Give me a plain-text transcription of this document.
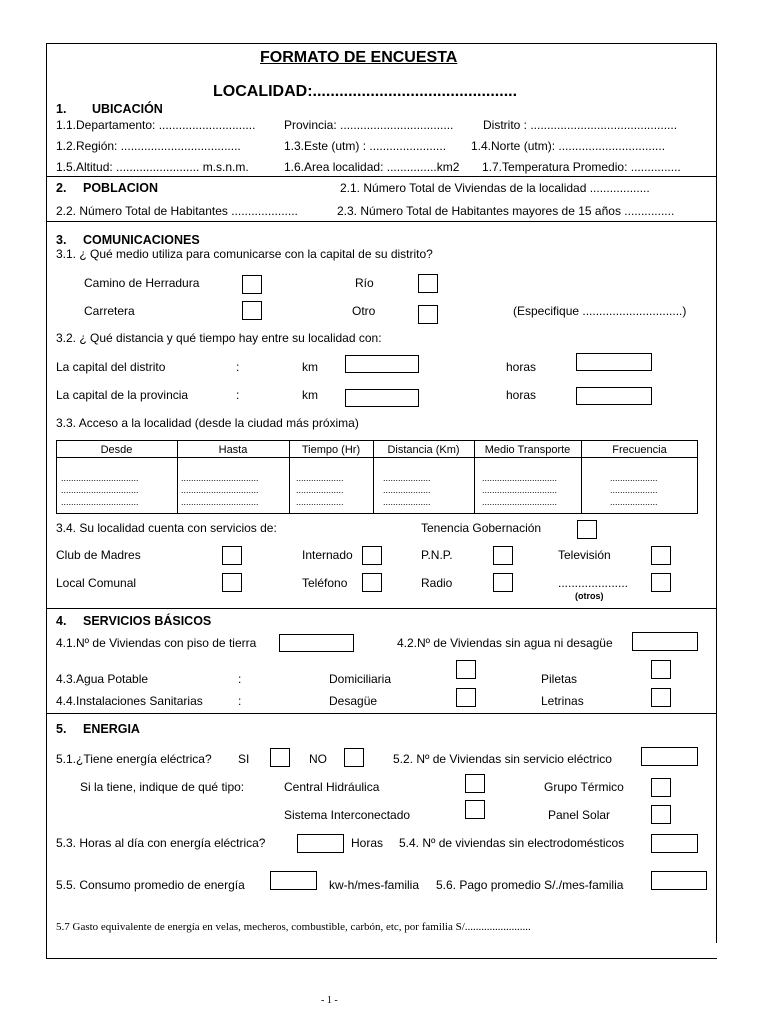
FORMATO DE ENCUESTA
LOCALIDAD:..............................................
1. UBICACIÓN
1.1.Departamento: ............................. Provincia: .................................. Distrito : ............................................
1.2.Región: ....................................	1.3.Este (utm) : ....................... 1.4.Norte (utm): ................................
1.5.Altitud: ......................... m.s.n.m.	1.6.Area localidad: ...............km2 1.7.Temperatura Promedio: ...............
2. POBLACION	2.1. Número Total de Viviendas de la localidad ..................
2.2. Número Total de Habitantes ....................	2.3. Número Total de Habitantes mayores de 15 años ...............
3. COMUNICACIONES
3.1. ¿ Qué medio utiliza para comunicarse con la capital de su distrito?
Camino de Herradura	Río
Carretera	Otro	(Especifique ..............................)
3.2. ¿ Qué distancia y qué tiempo hay entre su localidad con:
La capital del distrito	:	km	horas
La capital de la provincia	:	km	horas
3.3. Acceso a la localidad (desde la ciudad más próxima)
Desde	Hasta	Tiempo (Hr)	Distancia (Km)	Medio Transporte	Frecuencia
...............................	...............................	...................	...................	..............................	...................
...............................	...............................	...................	...................	..............................	...................
...............................	...............................	...................	...................	..............................	...................
3.4. Su localidad cuenta con servicios de:	Tenencia Gobernación
Club de Madres	Internado	P.N.P.	Televisión
Local Comunal	Teléfono	Radio	.....................
(otros)
4. SERVICIOS BÁSICOS
4.1.Nº de Viviendas con piso de tierra	4.2.Nº de Viviendas sin agua ni desagüe
4.3.Agua Potable	:	Domiciliaria	Piletas
4.4.Instalaciones Sanitarias	:	Desagüe	Letrinas
5. ENERGIA
5.1.¿Tiene energía eléctrica? SI	NO	5.2. Nº de Viviendas sin servicio eléctrico
Si la tiene, indique de qué tipo:	Central Hidráulica	Grupo Térmico
Sistema Interconectado	Panel Solar
5.3. Horas al día con energía eléctrica?	Horas 5.4. Nº de viviendas sin electrodomésticos
5.5. Consumo promedio de energía	kw-h/mes-familia 5.6. Pago promedio S/./mes-familia
5.7 Gasto equivalente de energía en velas, mecheros, combustible, carbón, etc, por familia S/........................
- 1 -
